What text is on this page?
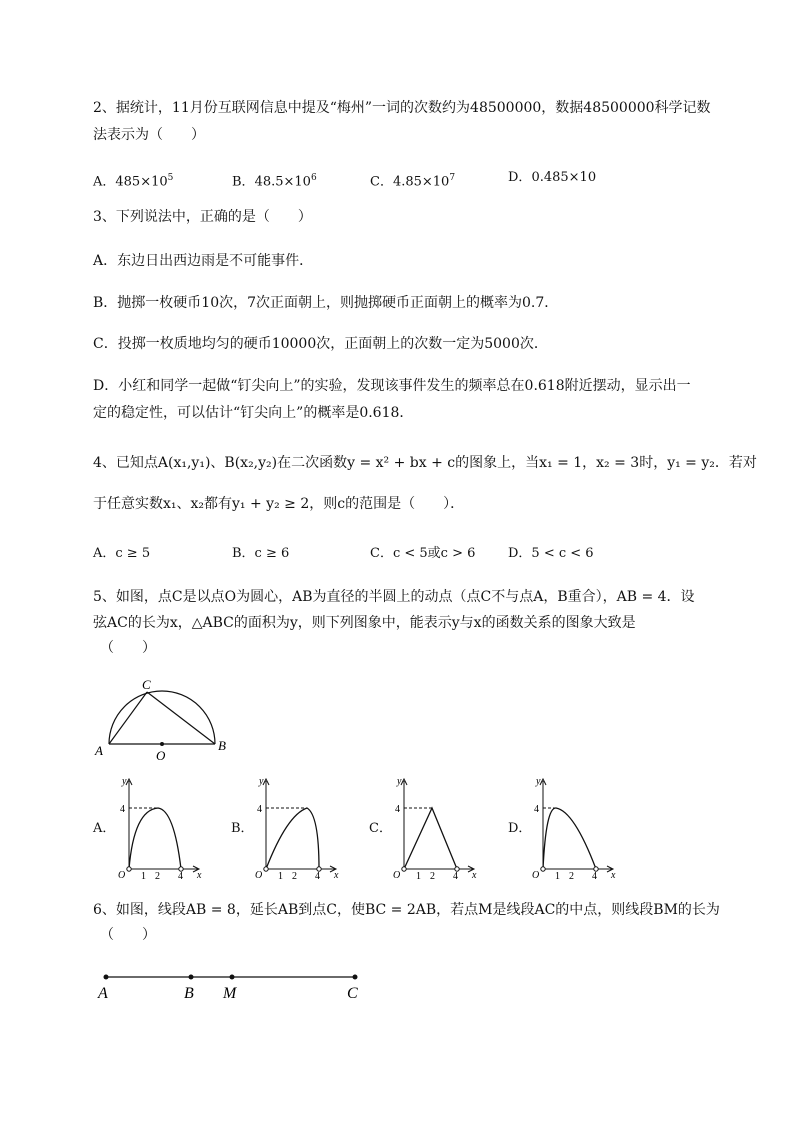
2、据统计，11月份互联网信息中提及“梅州”一词的次数约为48500000，数据48500000科学记数
法表示为（　　）
A．$485\times 10^5$	B．$48.5\times 10^6$	C．$4.85\times 10^7$	D．0.485×10
3、下列说法中，正确的是（　　）
A．东边日出西边雨是不可能事件．
B．抛掷一枚硬币10次，7次正面朝上，则抛掷硬币正面朝上的概率为0.7．
C．投掷一枚质地均匀的硬币10000次，正面朝上的次数一定为5000次．
D．小红和同学一起做“钉尖向上”的实验，发现该事件发生的频率总在0.618附近摆动，显示出一
定的稳定性，可以估计“钉尖向上”的概率是0.618．
4、已知点A(x₁,y₁)、B(x₂,y₂)在二次函数y = x² + bx + c的图象上，当x₁ = 1，x₂ = 3时，y₁ = y₂．若对
于任意实数x₁、x₂都有y₁ + y₂ ≥ 2，则c的范围是（　　）．
A．c ≥ 5	B．c ≥ 6	C．c < 5或c > 6	D．5 < c < 6
5、如图，点C是以点O为圆心，AB为直径的半圆上的动点（点C不与点A，B重合），AB = 4．设
弦AC的长为x，△ABC的面积为y，则下列图象中，能表示y与x的函数关系的图象大致是
（　　）
C
A	B
O
A．	B．	C．	D．
y
4
O 1 2 4 x
y
4
O 1 2 4 x
y
4
O 1 2 4 x
y
4
O 1 2 4 x
6、如图，线段AB = 8，延长AB到点C，使BC = 2AB，若点M是线段AC的中点，则线段BM的长为
（　　）
A	B M	C
